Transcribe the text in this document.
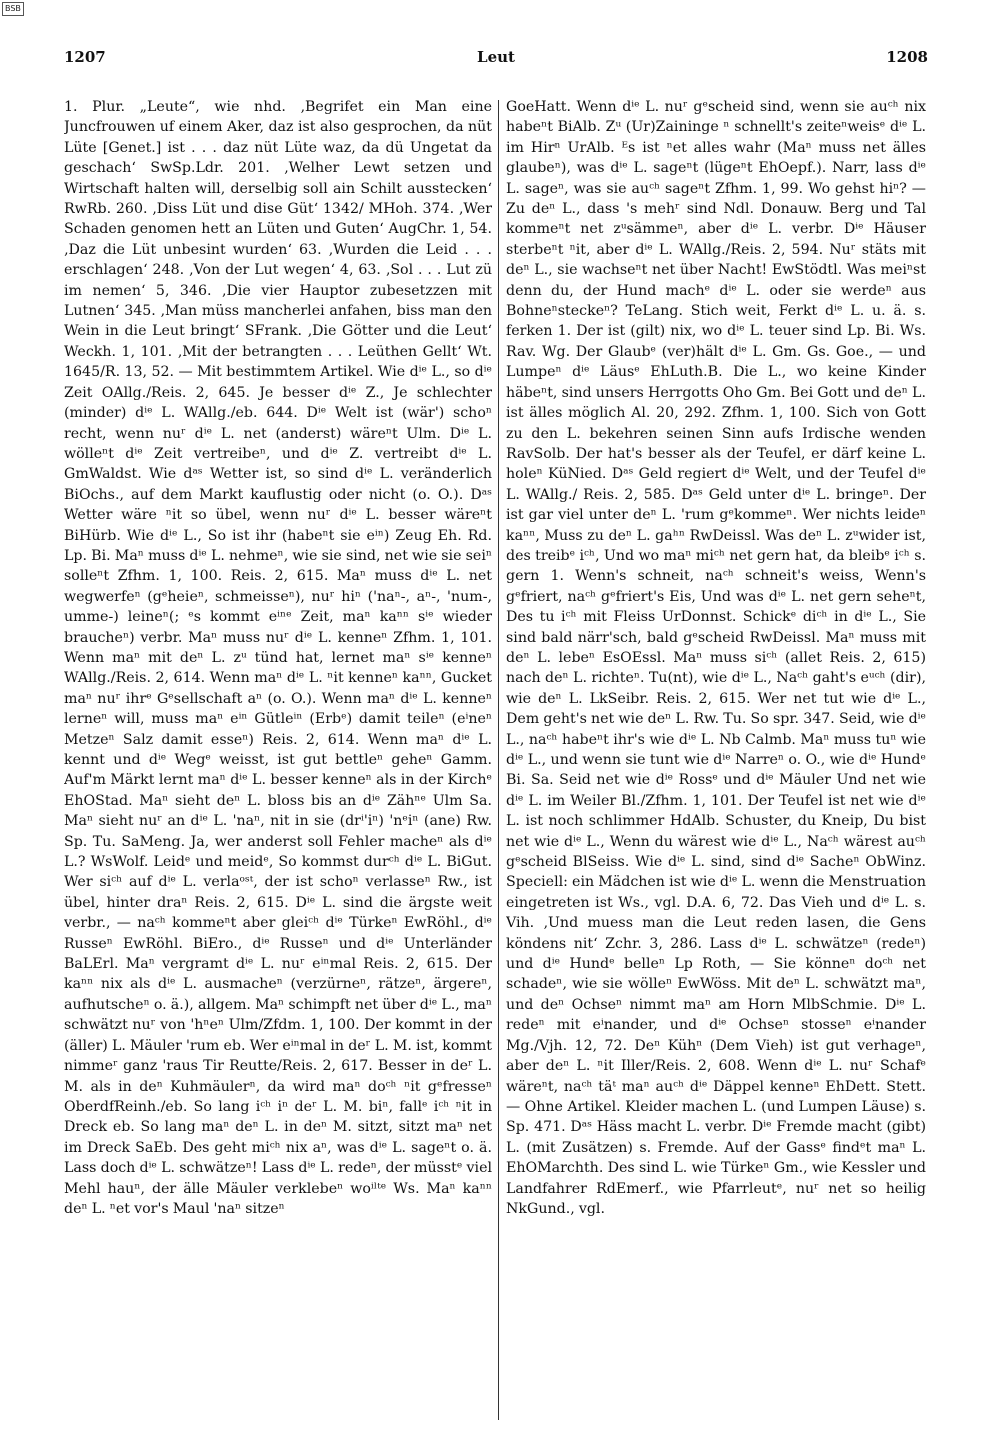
BSB
1207	Leut	1208

1. Plur. „Leute“, wie nhd. ‚Begrifet ein Man eine Juncfrouwen uf einem Aker, daz ist also gesprochen, da nüt Lüte [Genet.] ist . . . daz nüt Lüte waz, da dü Ungetat da geschach‘ SwSp.Ldr. 201. ‚Welher Lewt setzen und Wirtschaft halten will, derselbig soll ain Schilt ausstecken‘ RwRb. 260. ‚Diss Lüt und dise Güt‘ 1342/ MHoh. 374. ‚Wer Schaden genomen hett an Lüten und Guten‘ AugChr. 1, 54. ‚Daz die Lüt unbesint wurden‘ 63. ‚Wurden die Leid . . . erschlagen‘ 248. ‚Von der Lut wegen‘ 4, 63. ‚Sol . . . Lut zü im nemen‘ 5, 346. ‚Die vier Hauptor zubesetzzen mit Lutnen‘ 345. ‚Man müss mancherlei anfahen, biss man den Wein in die Leut bringt‘ SFrank. ‚Die Götter und die Leut‘ Weckh. 1, 101. ‚Mit der betrangten . . . Leüthen Gellt‘ Wt. 1645/R. 13, 52. — Mit bestimmtem Artikel. Wie dⁱᵉ L., so dⁱᵉ Zeit OAllg./Reis. 2, 645. Je besser dⁱᵉ Z., Je schlechter (minder) dⁱᵉ L. WAllg./eb. 644. Dⁱᵉ Welt ist (wär') schoⁿ recht, wenn nuʳ dⁱᵉ L. net (anderst) wäreⁿt Ulm. Dⁱᵉ L. wölleⁿt dⁱᵉ Zeit vertreibeⁿ, und dⁱᵉ Z. vertreibt dⁱᵉ L. GmWaldst. Wie dᵃˢ Wetter ist, so sind dⁱᵉ L. veränderlich BiOchs., auf dem Markt kauflustig oder nicht (o. O.). Dᵃˢ Wetter wäre ⁿit so übel, wenn nuʳ dⁱᵉ L. besser wäreⁿt BiHürb. Wie dⁱᵉ L., So ist ihr (habeⁿt sie eⁱⁿ) Zeug Eh. Rd. Lp. Bi. Maⁿ muss dⁱᵉ L. nehmeⁿ, wie sie sind, net wie sie seiⁿ solleⁿt Zfhm. 1, 100. Reis. 2, 615. Maⁿ muss dⁱᵉ L. net wegwerfeⁿ (gᵉheieⁿ, schmeisseⁿ), nuʳ hiⁿ ('naⁿ-, aⁿ-, 'num-, umme-) leineⁿ(; ᵉs kommt eⁱⁿᵉ Zeit, maⁿ kaⁿⁿ sⁱᵉ wieder braucheⁿ) verbr. Maⁿ muss nuʳ dⁱᵉ L. kenneⁿ Zfhm. 1, 101. Wenn maⁿ mit deⁿ L. zᵘ tünd hat, lernet maⁿ sⁱᵉ kenneⁿ WAllg./Reis. 2, 614. Wenn maⁿ dⁱᵉ L. ⁿit kenneⁿ kaⁿⁿ, Gucket maⁿ nuʳ ihrᵉ Gᵉsellschaft aⁿ (o. O.). Wenn maⁿ dⁱᵉ L. kenneⁿ lerneⁿ will, muss maⁿ eⁱⁿ Gütleⁱⁿ (Erbᵉ) damit teileⁿ (eⁱneⁿ Metzeⁿ Salz damit esseⁿ) Reis. 2, 614. Wenn maⁿ dⁱᵉ L. kennt und dⁱᵉ Wegᵉ weisst, ist gut bettleⁿ geheⁿ Gamm. Auf'm Märkt lernt maⁿ dⁱᵉ L. besser kenneⁿ als in der Kirchᵉ EhOStad. Maⁿ sieht deⁿ L. bloss bis an dⁱᵉ Zähⁿᵉ Ulm Sa. Maⁿ sieht nuʳ an dⁱᵉ L. 'naⁿ, nit in sie (drⁱ'iⁿ) 'nᵉiⁿ (ane) Rw. Sp. Tu. SaMeng. Ja, wer anderst soll Fehler macheⁿ als dⁱᵉ L.? WsWolf. Leidᵉ und meidᵉ, So kommst durᶜʰ dⁱᵉ L. BiGut. Wer siᶜʰ auf dⁱᵉ L. verlaᵒˢᵗ, der ist schoⁿ verlasseⁿ Rw., ist übel, hinter draⁿ Reis. 2, 615. Dⁱᵉ L. sind die ärgste weit verbr., — naᶜʰ kommeⁿt aber gleiᶜʰ dⁱᵉ Türkeⁿ EwRöhl., dⁱᵉ Russeⁿ EwRöhl. BiEro., dⁱᵉ Russeⁿ und dⁱᵉ Unterländer BaLErl. Maⁿ vergramt dⁱᵉ L. nuʳ eⁱⁿmal Reis. 2, 615. Der kaⁿⁿ nix als dⁱᵉ L. ausmacheⁿ (verzürneⁿ, rätzeⁿ, ärgereⁿ, aufhutscheⁿ o. ä.), allgem. Maⁿ schimpft net über dⁱᵉ L., maⁿ schwätzt nuʳ von 'hⁿeⁿ Ulm/Zfdm. 1, 100. Der kommt in der (äller) L. Mäuler 'rum eb. Wer eⁱⁿmal in deʳ L. M. ist, kommt nimmeʳ ganz 'raus Tir Reutte/Reis. 2, 617. Besser in deʳ L. M. als in deⁿ Kuhmäulerⁿ, da wird maⁿ doᶜʰ ⁿit gᵉfresseⁿ OberdfReinh./eb. So lang iᶜʰ iⁿ deʳ L. M. biⁿ, fallᵉ iᶜʰ ⁿit in Dreck eb. So lang maⁿ deⁿ L. in deⁿ M. sitzt, sitzt maⁿ net im Dreck SaEb. Des geht miᶜʰ nix aⁿ, was dⁱᵉ L. sageⁿt o. ä. Lass doch dⁱᵉ L. schwätzeⁿ! Lass dⁱᵉ L. redeⁿ, der müsstᵉ viel Mehl hauⁿ, der älle Mäuler verklebeⁿ woⁱˡᵗᵉ Ws. Maⁿ kaⁿⁿ deⁿ L. ⁿet vor's Maul 'naⁿ sitzeⁿ

GoeHatt. Wenn dⁱᵉ L. nuʳ gᵉscheid sind, wenn sie auᶜʰ nix habeⁿt BiAlb. Zᵘ (Ur)Zaininge ⁿ schnellt's zeiteⁿweisᵉ dⁱᵉ L. im Hirⁿ UrAlb. ᴱs ist ⁿet alles wahr (Maⁿ muss net älles glaubeⁿ), was dⁱᵉ L. sageⁿt (lügeⁿt EhOepf.). Narr, lass dⁱᵉ L. sageⁿ, was sie auᶜʰ sageⁿt Zfhm. 1, 99. Wo gehst hiⁿ? — Zu deⁿ L., dass 's mehʳ sind Ndl. Donauw. Berg und Tal kommeⁿt net zᵘsämmeⁿ, aber dⁱᵉ L. verbr. Dⁱᵉ Häuser sterbeⁿt ⁿit, aber dⁱᵉ L. WAllg./Reis. 2, 594. Nuʳ stäts mit deⁿ L., sie wachseⁿt net über Nacht! EwStödtl. Was meiⁿst denn du, der Hund machᵉ dⁱᵉ L. oder sie werdeⁿ aus Bohneⁿsteckeⁿ? TeLang. Stich weit, Ferkt dⁱᵉ L. u. ä. s. ferken 1. Der ist (gilt) nix, wo dⁱᵉ L. teuer sind Lp. Bi. Ws. Rav. Wg. Der Glaubᵉ (ver)hält dⁱᵉ L. Gm. Gs. Goe., — und Lumpeⁿ dⁱᵉ Läusᵉ EhLuth.B. Die L., wo keine Kinder häbeⁿt, sind unsers Herrgotts Oho Gm. Bei Gott und deⁿ L. ist älles möglich Al. 20, 292. Zfhm. 1, 100. Sich von Gott zu den L. bekehren seinen Sinn aufs Irdische wenden RavSolb. Der hat's besser als der Teufel, er därf keine L. holeⁿ KüNied. Dᵃˢ Geld regiert dⁱᵉ Welt, und der Teufel dⁱᵉ L. WAllg./ Reis. 2, 585. Dᵃˢ Geld unter dⁱᵉ L. bringeⁿ. Der ist gar viel unter deⁿ L. 'rum gᵉkommeⁿ. Wer nichts leideⁿ kaⁿⁿ, Muss zu deⁿ L. gaʰⁿ RwDeissl. Was deⁿ L. zᵘwider ist, des treibᵉ iᶜʰ, Und wo maⁿ miᶜʰ net gern hat, da bleibᵉ iᶜʰ s. gern 1. Wenn's schneit, naᶜʰ schneit's weiss, Wenn's gᵉfriert, naᶜʰ gᵉfriert's Eis, Und was dⁱᵉ L. net gern seheⁿt, Des tu iᶜʰ mit Fleiss UrDonnst. Schickᵉ diᶜʰ in dⁱᵉ L., Sie sind bald närr'sch, bald gᵉscheid RwDeissl. Maⁿ muss mit deⁿ L. lebeⁿ EsOEssl. Maⁿ muss siᶜʰ (allet Reis. 2, 615) nach deⁿ L. richteⁿ. Tu(nt), wie dⁱᵉ L., Naᶜʰ gaht's eᵘᶜʰ (dir), wie deⁿ L. LkSeibr. Reis. 2, 615. Wer net tut wie dⁱᵉ L., Dem geht's net wie deⁿ L. Rw. Tu. So spr. 347. Seid, wie dⁱᵉ L., naᶜʰ habeⁿt ihr's wie dⁱᵉ L. Nb Calmb. Maⁿ muss tuⁿ wie dⁱᵉ L., und wenn sie tunt wie dⁱᵉ Narreⁿ o. O., wie dⁱᵉ Hundᵉ Bi. Sa. Seid net wie dⁱᵉ Rossᵉ und dⁱᵉ Mäuler Und net wie dⁱᵉ L. im Weiler Bl./Zfhm. 1, 101. Der Teufel ist net wie dⁱᵉ L. ist noch schlimmer HdAlb. Schuster, du Kneip, Du bist net wie dⁱᵉ L., Wenn du wärest wie dⁱᵉ L., Naᶜʰ wärest auᶜʰ gᵉscheid BlSeiss. Wie dⁱᵉ L. sind, sind dⁱᵉ Sacheⁿ ObWinz. Speciell: ein Mädchen ist wie dⁱᵉ L. wenn die Menstruation eingetreten ist Ws., vgl. D.A. 6, 72. Das Vieh und dⁱᵉ L. s. Vih. ‚Und muess man die Leut reden lasen, die Gens köndens nit‘ Zchr. 3, 286. Lass dⁱᵉ L. schwätzeⁿ (redeⁿ) und dⁱᵉ Hundᵉ belleⁿ Lp Roth, — Sie könneⁿ doᶜʰ net schadeⁿ, wie sie wölleⁿ EwWöss. Mit deⁿ L. schwätzt maⁿ, und deⁿ Ochseⁿ nimmt maⁿ am Horn MlbSchmie. Dⁱᵉ L. redeⁿ mit eⁱnander, und dⁱᵉ Ochseⁿ stosseⁿ eⁱnander Mg./Vjh. 12, 72. Deⁿ Kühⁿ (Dem Vieh) ist gut verhageⁿ, aber deⁿ L. ⁿit Iller/Reis. 2, 608. Wenn dⁱᵉ L. nuʳ Schafᵉ wäreⁿt, naᶜʰ täᵗ maⁿ auᶜʰ dⁱᵉ Däppel kenneⁿ EhDett. Stett. — Ohne Artikel. Kleider machen L. (und Lumpen Läuse) s. Sp. 471. Dᵃˢ Häss macht L. verbr. Dⁱᵉ Fremde macht (gibt) L. (mit Zusätzen) s. Fremde. Auf der Gassᵉ findᵉt maⁿ L. EhOMarchth. Des sind L. wie Türkeⁿ Gm., wie Kessler und Landfahrer RdEmerf., wie Pfarrleutᵉ, nuʳ net so heilig NkGund., vgl.
